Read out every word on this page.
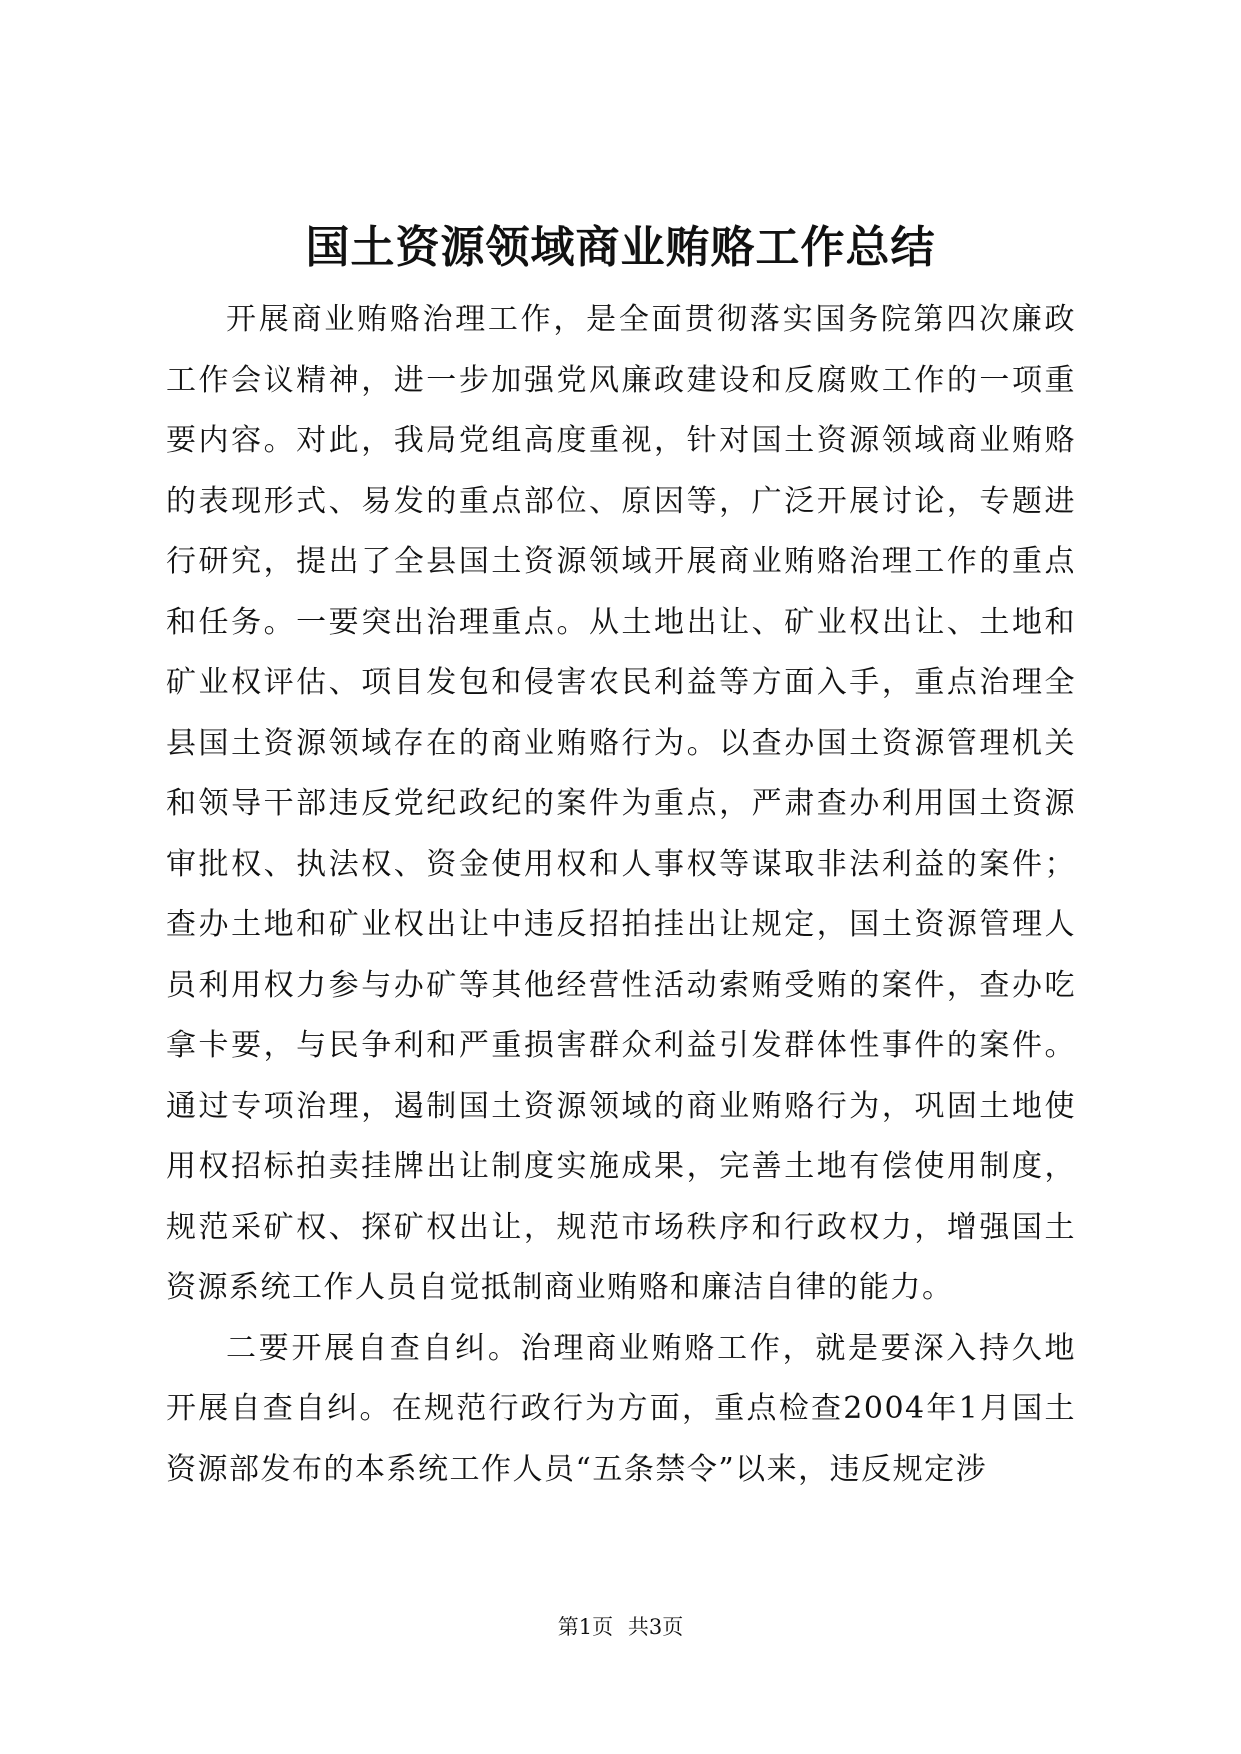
国土资源领域商业贿赂工作总结

开展商业贿赂治理工作，是全面贯彻落实国务院第四次廉政工作会议精神，进一步加强党风廉政建设和反腐败工作的一项重要内容。对此，我局党组高度重视，针对国土资源领域商业贿赂的表现形式、易发的重点部位、原因等，广泛开展讨论，专题进行研究，提出了全县国土资源领域开展商业贿赂治理工作的重点和任务。一要突出治理重点。从土地出让、矿业权出让、土地和矿业权评估、项目发包和侵害农民利益等方面入手，重点治理全县国土资源领域存在的商业贿赂行为。以查办国土资源管理机关和领导干部违反党纪政纪的案件为重点，严肃查办利用国土资源审批权、执法权、资金使用权和人事权等谋取非法利益的案件；查办土地和矿业权出让中违反招拍挂出让规定，国土资源管理人员利用权力参与办矿等其他经营性活动索贿受贿的案件，查办吃拿卡要，与民争利和严重损害群众利益引发群体性事件的案件。通过专项治理，遏制国土资源领域的商业贿赂行为，巩固土地使用权招标拍卖挂牌出让制度实施成果，完善土地有偿使用制度，规范采矿权、探矿权出让，规范市场秩序和行政权力，增强国土资源系统工作人员自觉抵制商业贿赂和廉洁自律的能力。

二要开展自查自纠。治理商业贿赂工作，就是要深入持久地开展自查自纠。在规范行政行为方面，重点检查2004年1月国土资源部发布的本系统工作人员“五条禁令”以来，违反规定涉

第1页 共3页
